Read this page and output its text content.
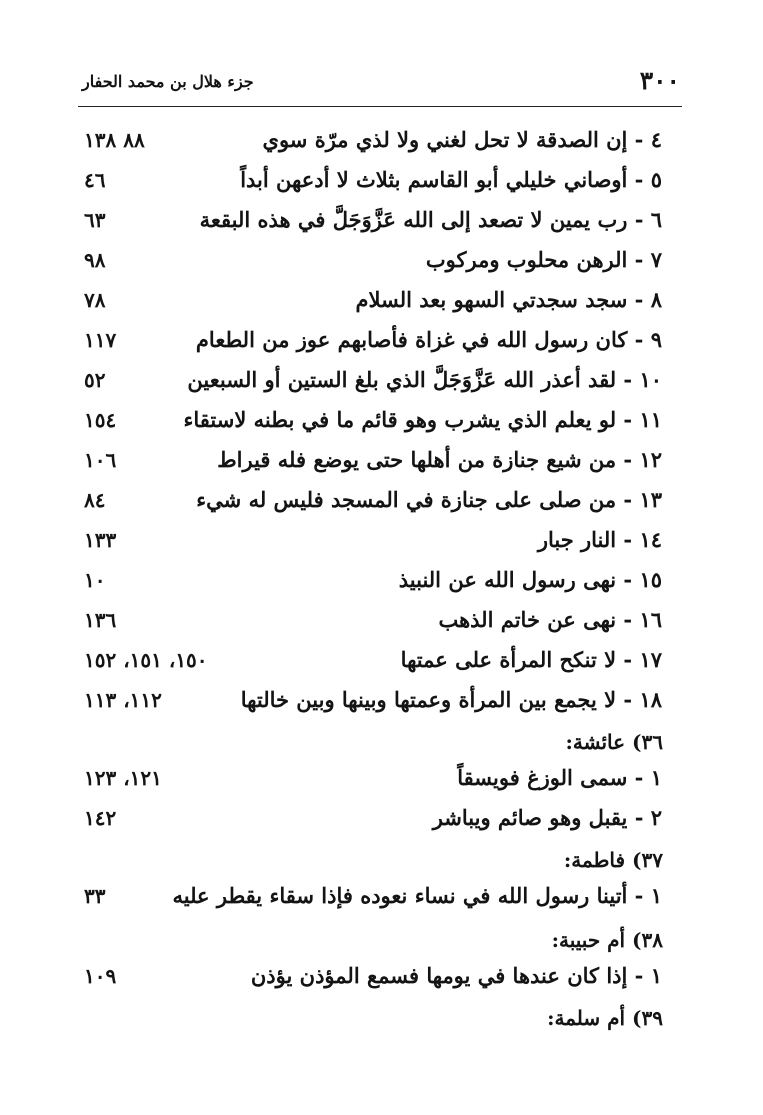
٣٠٠
جزء هلال بن محمد الحفار
٤ - إن الصدقة لا تحل لغني ولا لذي مرّة سوي
٨٨ ١٣٨
٥ - أوصاني خليلي أبو القاسم بثلاث لا أدعهن أبداً
٤٦
٦ - رب يمين لا تصعد إلى الله عَزَّوَجَلَّ في هذه البقعة
٦٣
٧ - الرهن محلوب ومركوب
٩٨
٨ - سجد سجدتي السهو بعد السلام
٧٨
٩ - كان رسول الله في غزاة فأصابهم عوز من الطعام
١١٧
١٠ - لقد أعذر الله عَزَّوَجَلَّ الذي بلغ الستين أو السبعين
٥٢
١١ - لو يعلم الذي يشرب وهو قائم ما في بطنه لاستقاء
١٥٤
١٢ - من شيع جنازة من أهلها حتى يوضع فله قيراط
١٠٦
١٣ - من صلى على جنازة في المسجد فليس له شيء
٨٤
١٤ - النار جبار
١٣٣
١٥ - نهى رسول الله عن النبيذ
١٠
١٦ - نهى عن خاتم الذهب
١٣٦
١٧ - لا تنكح المرأة على عمتها
١٥٠، ١٥١، ١٥٢
١٨ - لا يجمع بين المرأة وعمتها وبينها وبين خالتها
١١٢، ١١٣
٣٦) عائشة:
١ - سمى الوزغ فويسقاً
١٢١، ١٢٣
٢ - يقبل وهو صائم ويباشر
١٤٢
٣٧) فاطمة:
١ - أتينا رسول الله في نساء نعوده فإذا سقاء يقطر عليه
٣٣
٣٨) أم حبيبة:
١ - إذا كان عندها في يومها فسمع المؤذن يؤذن
١٠٩
٣٩) أم سلمة:
